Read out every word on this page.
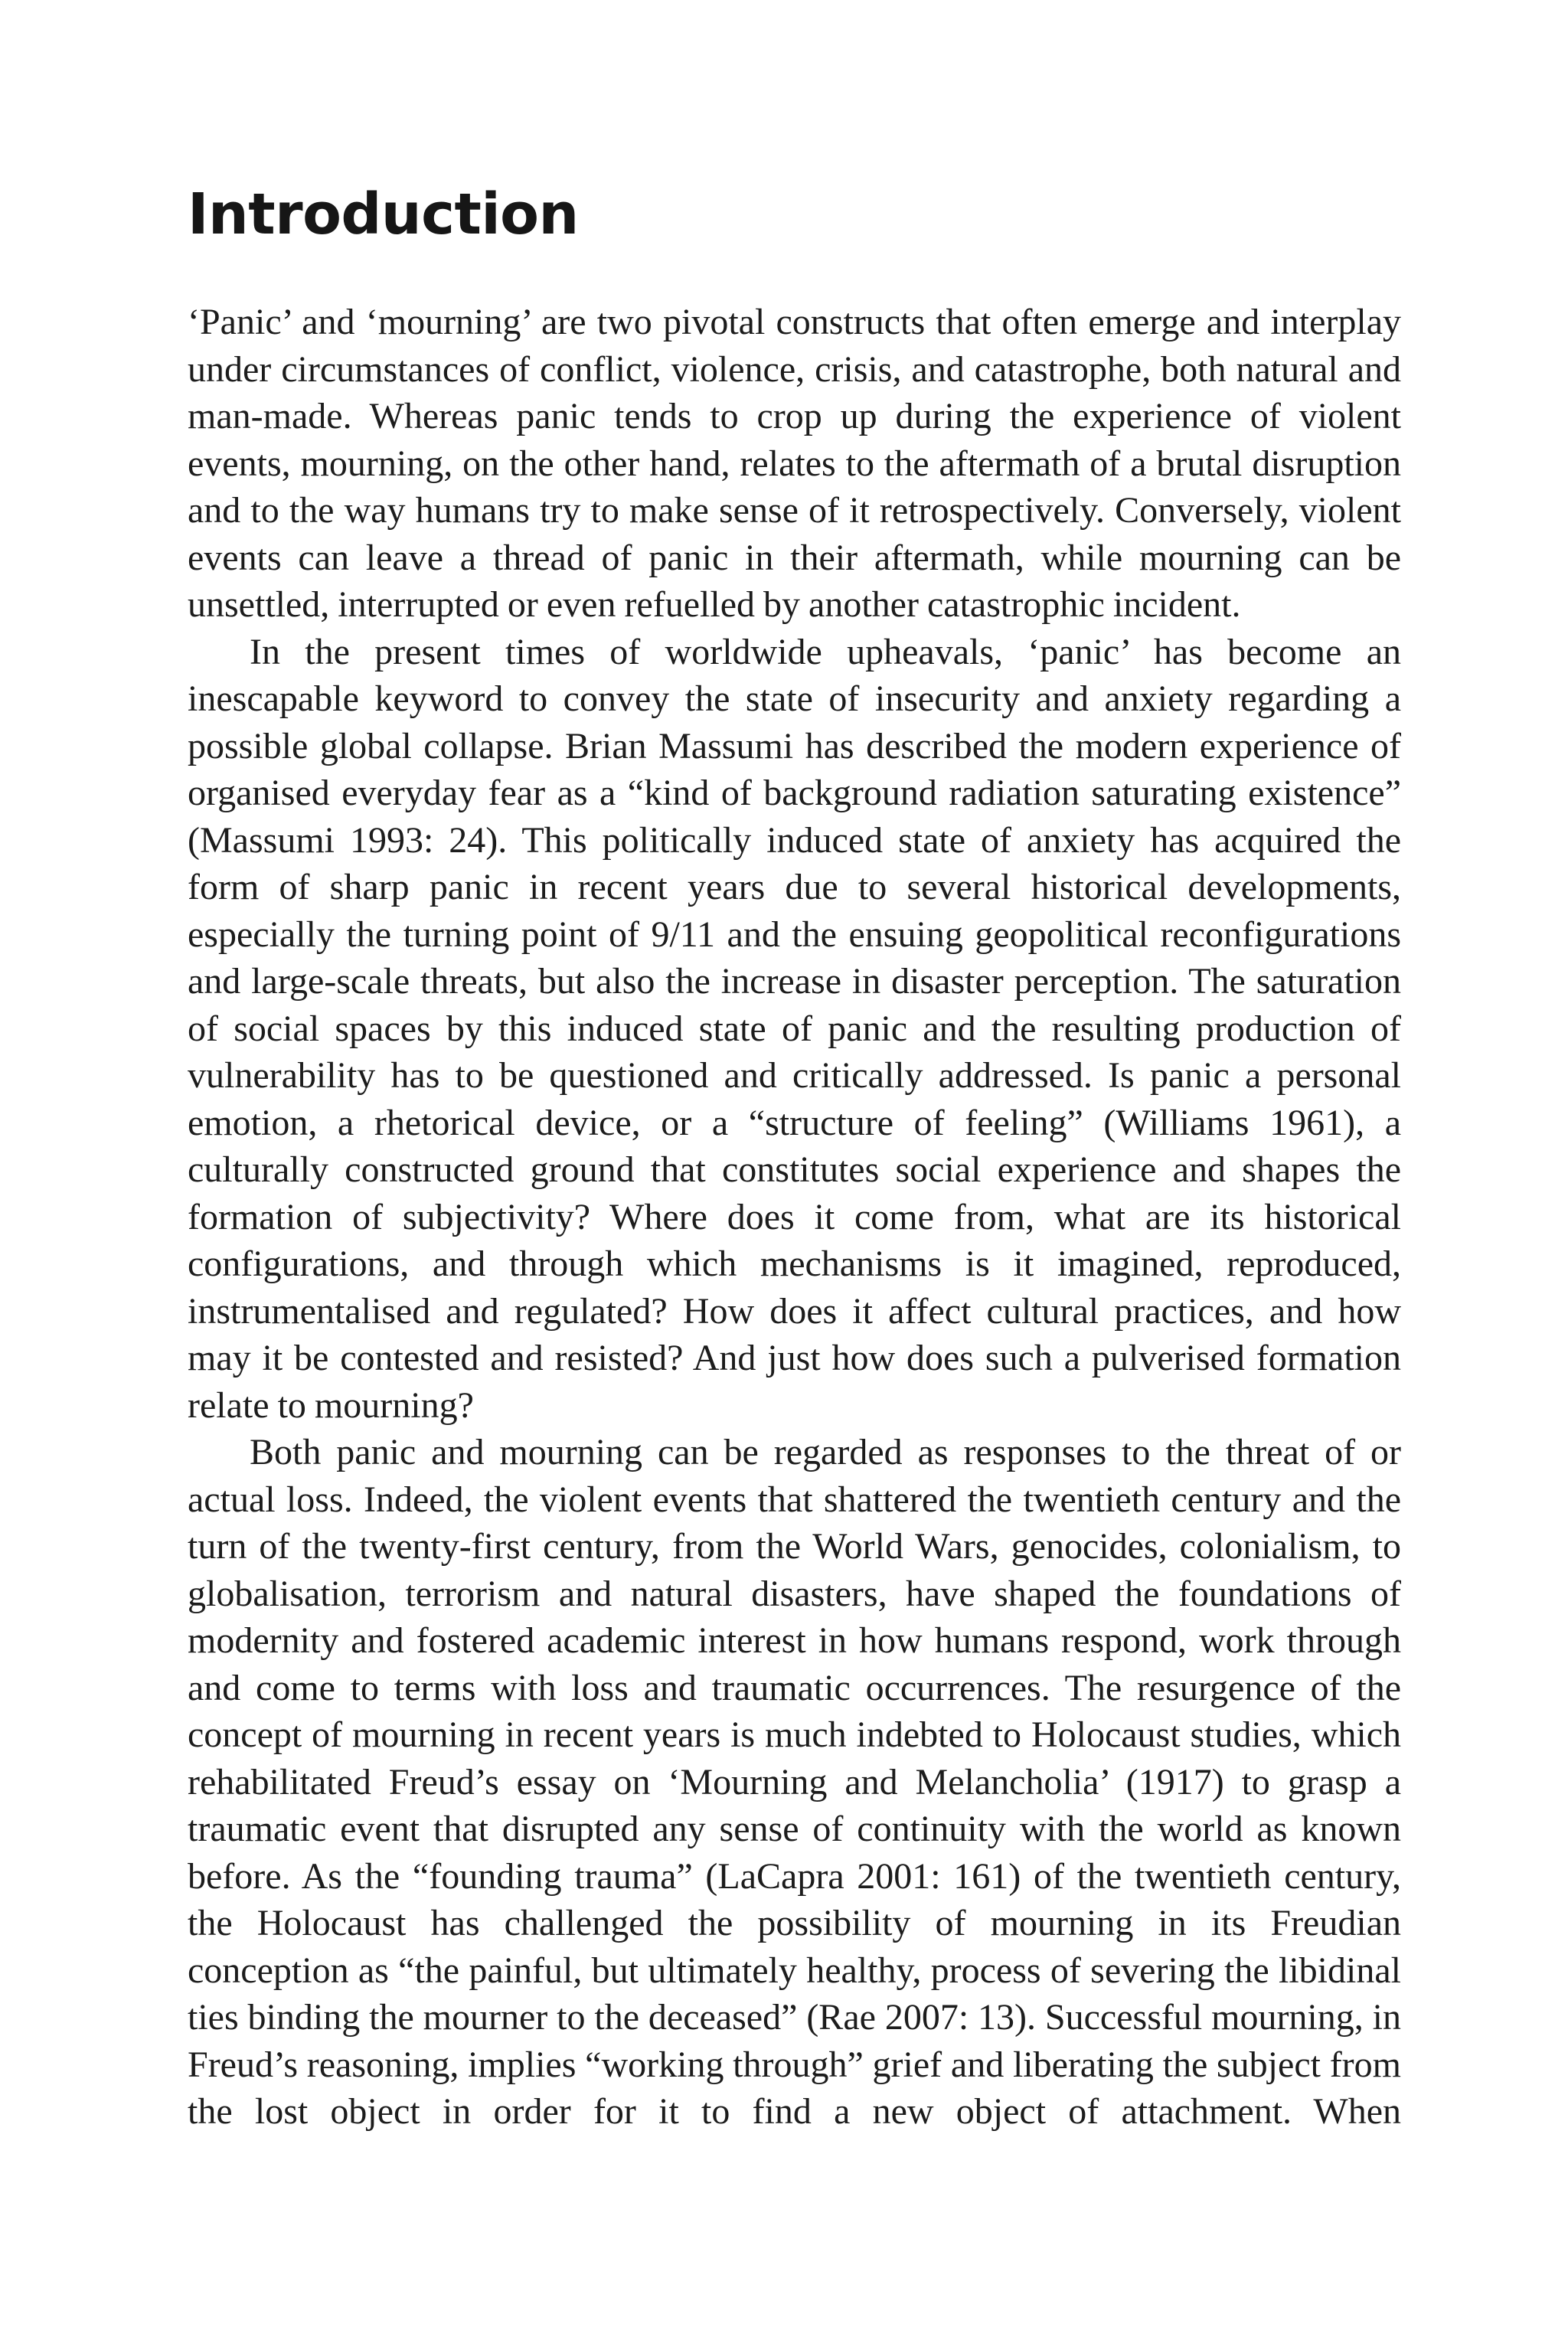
Introduction

‘Panic’ and ‘mourning’ are two pivotal constructs that often emerge and interplay under circumstances of conflict, violence, crisis, and catastrophe, both natural and man-made. Whereas panic tends to crop up during the experience of violent events, mourning, on the other hand, relates to the aftermath of a brutal disruption and to the way humans try to make sense of it retrospectively. Conversely, violent events can leave a thread of panic in their aftermath, while mourning can be unsettled, interrupted or even refuelled by another catastrophic incident.

In the present times of worldwide upheavals, ‘panic’ has become an inescapable keyword to convey the state of insecurity and anxiety regarding a possible global collapse. Brian Massumi has described the modern experience of organised everyday fear as a “kind of background radiation saturating existence” (Massumi 1993: 24). This politically induced state of anxiety has acquired the form of sharp panic in recent years due to several historical developments, especially the turning point of 9/11 and the ensuing geopolitical reconfigurations and large-scale threats, but also the increase in disaster perception. The saturation of social spaces by this induced state of panic and the resulting production of vulnerability has to be questioned and critically addressed. Is panic a personal emotion, a rhetorical device, or a “structure of feeling” (Williams 1961), a culturally constructed ground that constitutes social experience and shapes the formation of subjectivity? Where does it come from, what are its historical configurations, and through which mechanisms is it imagined, reproduced, instrumentalised and regulated? How does it affect cultural practices, and how may it be contested and resisted? And just how does such a pulverised formation relate to mourning?

Both panic and mourning can be regarded as responses to the threat of or actual loss. Indeed, the violent events that shattered the twentieth century and the turn of the twenty-first century, from the World Wars, genocides, colonialism, to globalisation, terrorism and natural disasters, have shaped the foundations of modernity and fostered academic interest in how humans respond, work through and come to terms with loss and traumatic occurrences. The resurgence of the concept of mourning in recent years is much indebted to Holocaust studies, which rehabilitated Freud’s essay on ‘Mourning and Melancholia’ (1917) to grasp a traumatic event that disrupted any sense of continuity with the world as known before. As the “founding trauma” (LaCapra 2001: 161) of the twentieth century, the Holocaust has challenged the possibility of mourning in its Freudian conception as “the painful, but ultimately healthy, process of severing the libidinal ties binding the mourner to the deceased” (Rae 2007: 13). Successful mourning, in Freud’s reasoning, implies “working through” grief and liberating the subject from the lost object in order for it to find a new object of attachment. When
